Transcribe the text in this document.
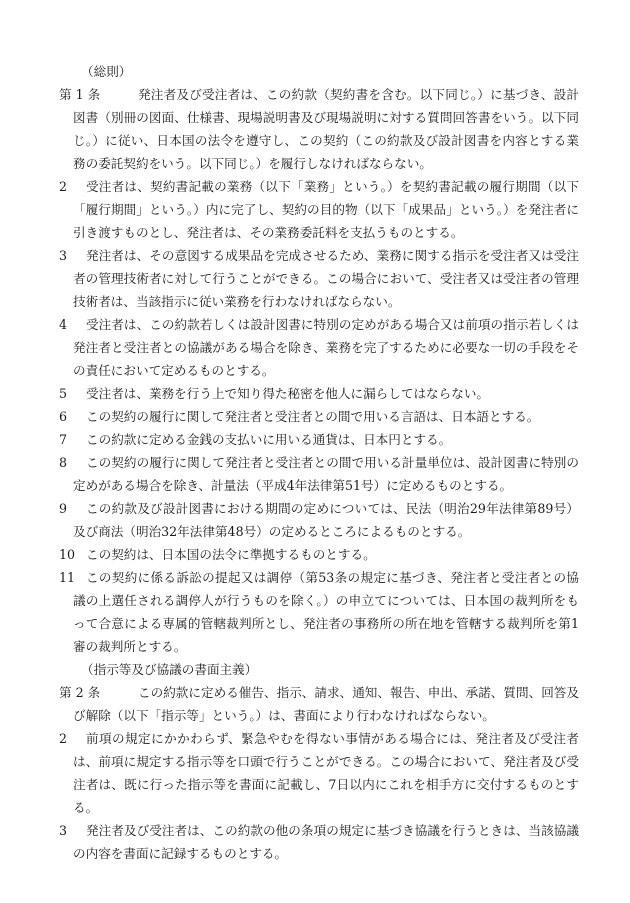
（総則）

第 1 条	発注者及び受注者は、この約款（契約書を含む。以下同じ。）に基づき、設計図書（別冊の図面、仕様書、現場説明書及び現場説明に対する質問回答書をいう。以下同じ。）に従い、日本国の法令を遵守し、この契約（この約款及び設計図書を内容とする業務の委託契約をいう。以下同じ。）を履行しなければならない。

2	受注者は、契約書記載の業務（以下「業務」という。）を契約書記載の履行期間（以下「履行期間」という。）内に完了し、契約の目的物（以下「成果品」という。）を発注者に引き渡すものとし、発注者は、その業務委託料を支払うものとする。

3	発注者は、その意図する成果品を完成させるため、業務に関する指示を受注者又は受注者の管理技術者に対して行うことができる。この場合において、受注者又は受注者の管理技術者は、当該指示に従い業務を行わなければならない。

4	受注者は、この約款若しくは設計図書に特別の定めがある場合又は前項の指示若しくは発注者と受注者との協議がある場合を除き、業務を完了するために必要な一切の手段をその責任において定めるものとする。

5	受注者は、業務を行う上で知り得た秘密を他人に漏らしてはならない。

6	この契約の履行に関して発注者と受注者との間で用いる言語は、日本語とする。

7	この約款に定める金銭の支払いに用いる通貨は、日本円とする。

8	この契約の履行に関して発注者と受注者との間で用いる計量単位は、設計図書に特別の定めがある場合を除き、計量法（平成4年法律第51号）に定めるものとする。

9	この約款及び設計図書における期間の定めについては、民法（明治29年法律第89号）及び商法（明治32年法律第48号）の定めるところによるものとする。

10 この契約は、日本国の法令に準拠するものとする。

11 この契約に係る訴訟の提起又は調停（第53条の規定に基づき、発注者と受注者との協議の上選任される調停人が行うものを除く。）の申立てについては、日本国の裁判所をもって合意による専属的管轄裁判所とし、発注者の事務所の所在地を管轄する裁判所を第1審の裁判所とする。

（指示等及び協議の書面主義）

第 2 条	この約款に定める催告、指示、請求、通知、報告、申出、承諾、質問、回答及び解除（以下「指示等」という。）は、書面により行わなければならない。

2	前項の規定にかかわらず、緊急やむを得ない事情がある場合には、発注者及び受注者は、前項に規定する指示等を口頭で行うことができる。この場合において、発注者及び受注者は、既に行った指示等を書面に記載し、7日以内にこれを相手方に交付するものとする。

3	発注者及び受注者は、この約款の他の条項の規定に基づき協議を行うときは、当該協議の内容を書面に記録するものとする。
